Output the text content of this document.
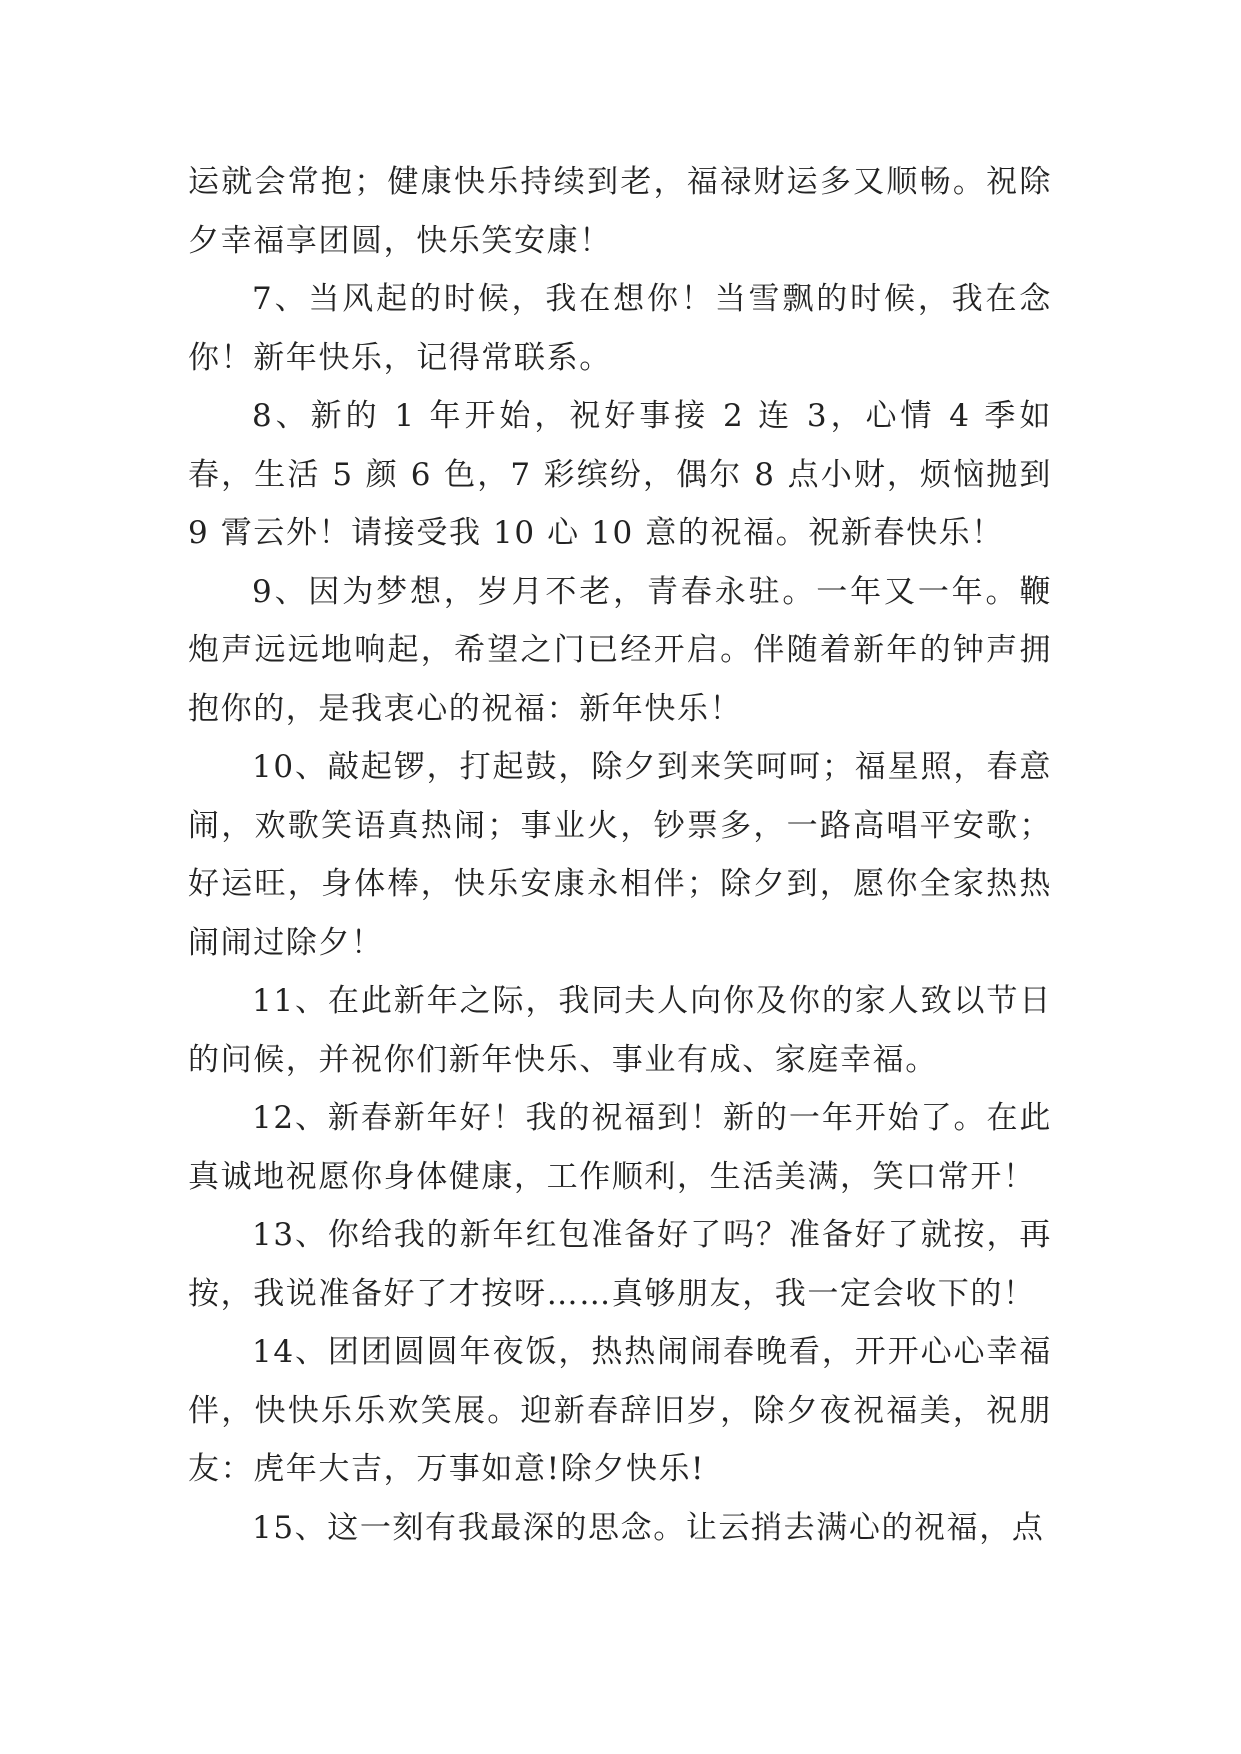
运就会常抱；健康快乐持续到老，福禄财运多又顺畅。祝除夕幸福享团圆，快乐笑安康！

7、当风起的时候，我在想你！当雪飘的时候，我在念你！新年快乐，记得常联系。

8、新的 1 年开始，祝好事接 2 连 3，心情 4 季如春，生活 5 颜 6 色，7 彩缤纷，偶尔 8 点小财，烦恼抛到 9 霄云外！请接受我 10 心 10 意的祝福。祝新春快乐！

9、因为梦想，岁月不老，青春永驻。一年又一年。鞭炮声远远地响起，希望之门已经开启。伴随着新年的钟声拥抱你的，是我衷心的祝福：新年快乐！

10、敲起锣，打起鼓，除夕到来笑呵呵；福星照，春意闹，欢歌笑语真热闹；事业火，钞票多，一路高唱平安歌；好运旺，身体棒，快乐安康永相伴；除夕到，愿你全家热热闹闹过除夕！

11、在此新年之际，我同夫人向你及你的家人致以节日的问候，并祝你们新年快乐、事业有成、家庭幸福。

12、新春新年好！我的祝福到！新的一年开始了。在此真诚地祝愿你身体健康，工作顺利，生活美满，笑口常开！

13、你给我的新年红包准备好了吗？准备好了就按，再按，我说准备好了才按呀……真够朋友，我一定会收下的！

14、团团圆圆年夜饭，热热闹闹春晚看，开开心心幸福伴，快快乐乐欢笑展。迎新春辞旧岁，除夕夜祝福美，祝朋友：虎年大吉，万事如意!除夕快乐!

15、这一刻有我最深的思念。让云捎去满心的祝福，点
